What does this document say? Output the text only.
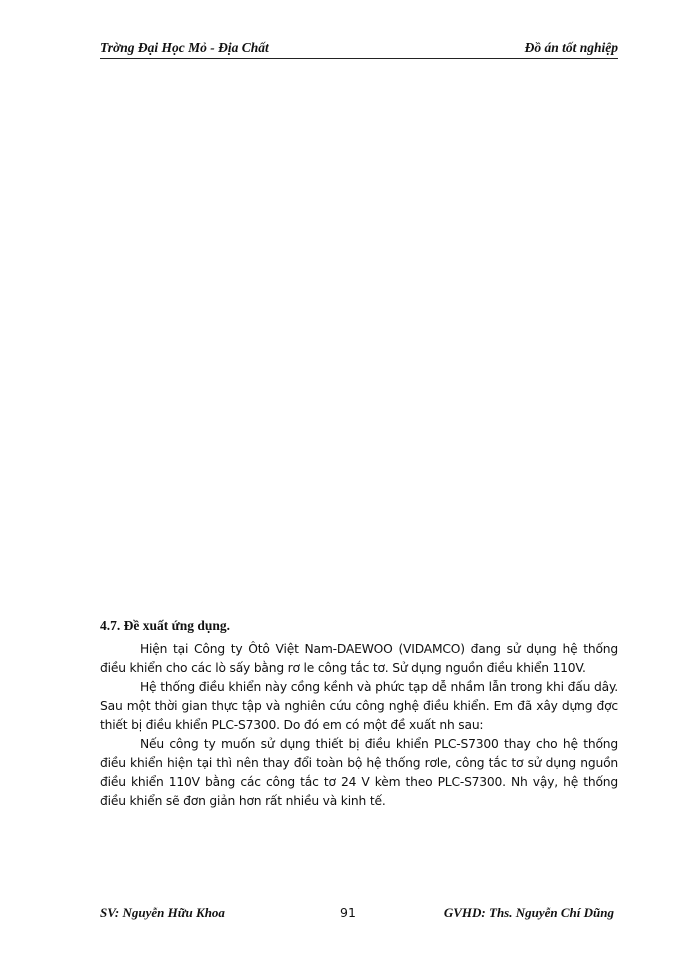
Trờng Đại Học Mỏ - Địa Chất	Đồ án tốt nghiệp

4.7. Đề xuất ứng dụng.

Hiện tại Công ty Ôtô Việt Nam-DAEWOO (VIDAMCO) đang sử dụng hệ thống điều khiển cho các lò sấy bằng rơ le công tắc tơ. Sử dụng nguồn điều khiển 110V.

Hệ thống điều khiển này cồng kềnh và phức tạp dễ nhầm lẫn trong khi đấu dây. Sau một thời gian thực tập và nghiên cứu công nghệ điều khiển. Em đã xây dựng đợc thiết bị điều khiển PLC-S7300. Do đó em có một đề xuất nh sau:

Nếu công ty muốn sử dụng thiết bị điều khiển PLC-S7300 thay cho hệ thống điều khiển hiện tại thì nên thay đổi toàn bộ hệ thống rơle, công tắc tơ sử dụng nguồn điều khiển 110V bằng các công tắc tơ 24 V kèm theo PLC-S7300. Nh vậy, hệ thống điều khiển sẽ đơn giản hơn rất nhiều và kinh tế.

SV: Nguyễn Hữu Khoa	91	GVHD: Ths. Nguyễn Chí Dũng
